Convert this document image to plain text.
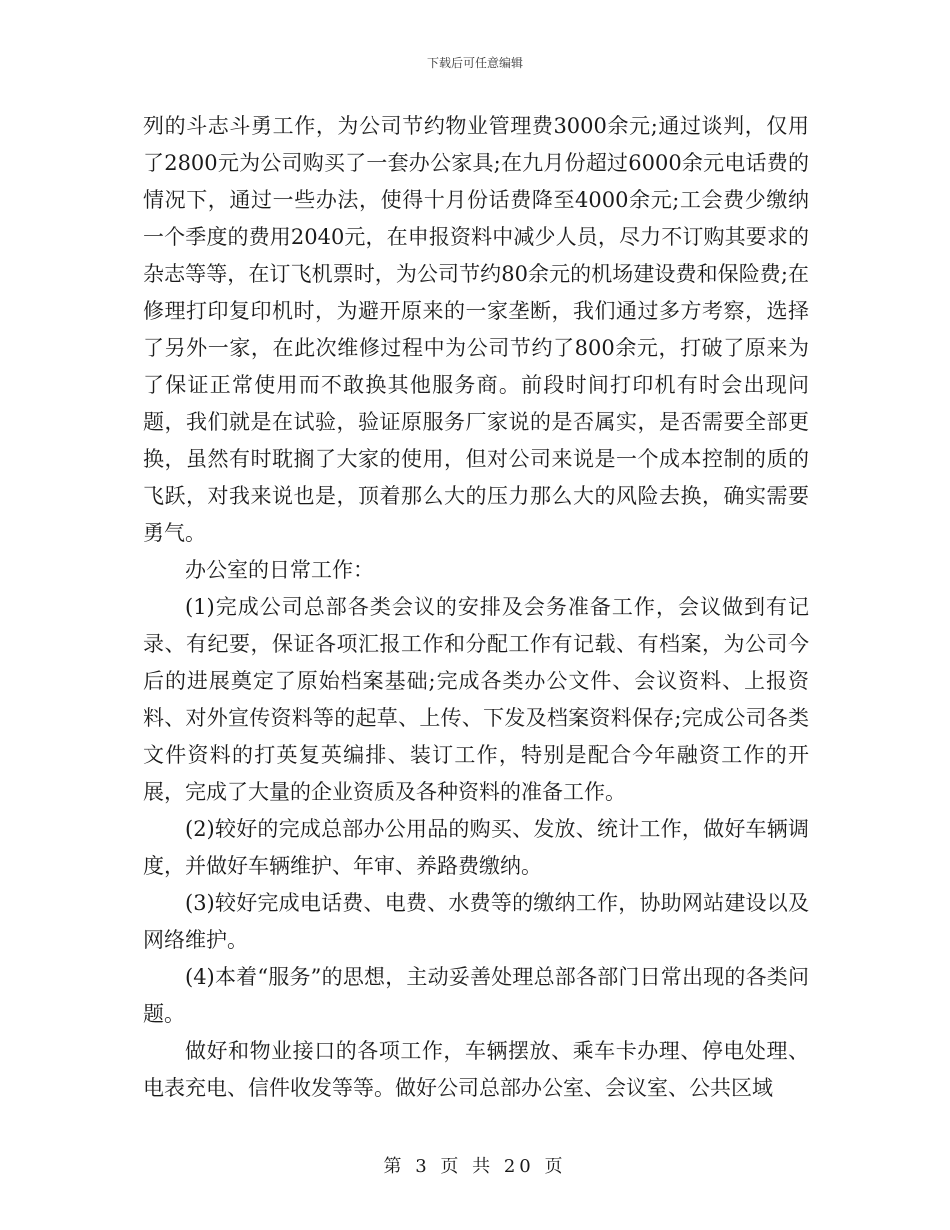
下载后可任意编辑

列的斗志斗勇工作，为公司节约物业管理费3000余元;通过谈判，仅用了2800元为公司购买了一套办公家具;在九月份超过6000余元电话费的情况下，通过一些办法，使得十月份话费降至4000余元;工会费少缴纳一个季度的费用2040元，在申报资料中减少人员，尽力不订购其要求的杂志等等，在订飞机票时，为公司节约80余元的机场建设费和保险费;在修理打印复印机时，为避开原来的一家垄断，我们通过多方考察，选择了另外一家，在此次维修过程中为公司节约了800余元，打破了原来为了保证正常使用而不敢换其他服务商。前段时间打印机有时会出现问题，我们就是在试验，验证原服务厂家说的是否属实，是否需要全部更换，虽然有时耽搁了大家的使用，但对公司来说是一个成本控制的质的飞跃，对我来说也是，顶着那么大的压力那么大的风险去换，确实需要勇气。

办公室的日常工作：

(1)完成公司总部各类会议的安排及会务准备工作，会议做到有记录、有纪要，保证各项汇报工作和分配工作有记载、有档案，为公司今后的进展奠定了原始档案基础;完成各类办公文件、会议资料、上报资料、对外宣传资料等的起草、上传、下发及档案资料保存;完成公司各类文件资料的打英复英编排、装订工作，特别是配合今年融资工作的开展，完成了大量的企业资质及各种资料的准备工作。

(2)较好的完成总部办公用品的购买、发放、统计工作，做好车辆调度，并做好车辆维护、年审、养路费缴纳。

(3)较好完成电话费、电费、水费等的缴纳工作，协助网站建设以及网络维护。

(4)本着“服务”的思想，主动妥善处理总部各部门日常出现的各类问题。

做好和物业接口的各项工作，车辆摆放、乘车卡办理、停电处理、电表充电、信件收发等等。做好公司总部办公室、会议室、公共区域

第 3 页 共 20 页
